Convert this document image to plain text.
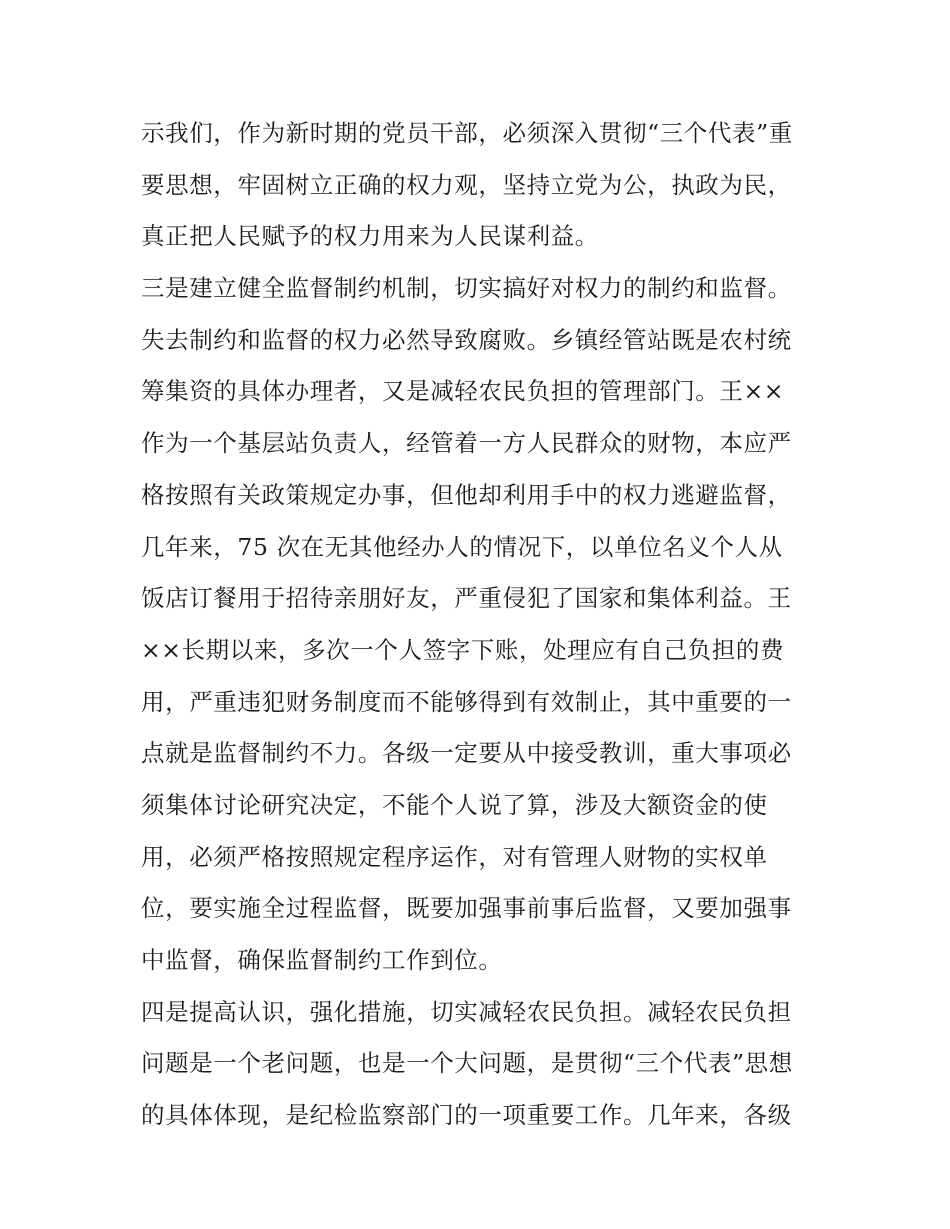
示我们，作为新时期的党员干部，必须深入贯彻“三个代表”重
要思想，牢固树立正确的权力观，坚持立党为公，执政为民，
真正把人民赋予的权力用来为人民谋利益。
三是建立健全监督制约机制，切实搞好对权力的制约和监督。
失去制约和监督的权力必然导致腐败。乡镇经管站既是农村统
筹集资的具体办理者，又是减轻农民负担的管理部门。王××
作为一个基层站负责人，经管着一方人民群众的财物，本应严
格按照有关政策规定办事，但他却利用手中的权力逃避监督，
几年来，75 次在无其他经办人的情况下，以单位名义个人从
饭店订餐用于招待亲朋好友，严重侵犯了国家和集体利益。王
××长期以来，多次一个人签字下账，处理应有自己负担的费
用，严重违犯财务制度而不能够得到有效制止，其中重要的一
点就是监督制约不力。各级一定要从中接受教训，重大事项必
须集体讨论研究决定，不能个人说了算，涉及大额资金的使
用，必须严格按照规定程序运作，对有管理人财物的实权单
位，要实施全过程监督，既要加强事前事后监督，又要加强事
中监督，确保监督制约工作到位。
四是提高认识，强化措施，切实减轻农民负担。减轻农民负担
问题是一个老问题，也是一个大问题，是贯彻“三个代表”思想
的具体体现，是纪检监察部门的一项重要工作。几年来，各级
